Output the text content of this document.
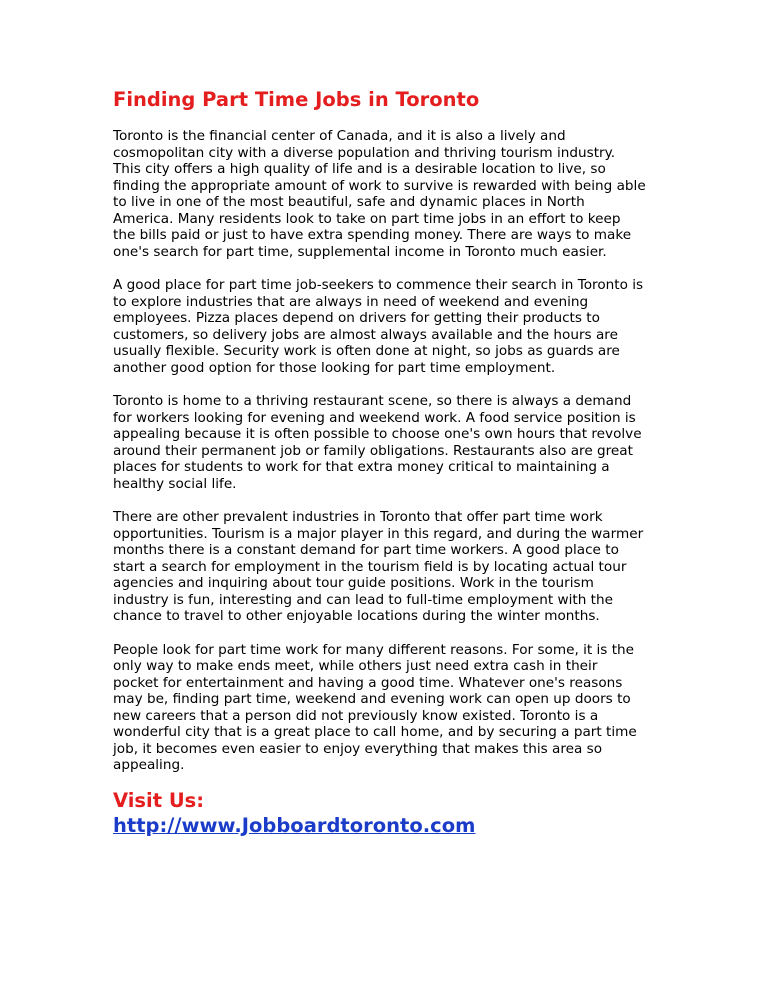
Finding Part Time Jobs in Toronto

Toronto is the financial center of Canada, and it is also a lively and
cosmopolitan city with a diverse population and thriving tourism industry.
This city offers a high quality of life and is a desirable location to live, so
finding the appropriate amount of work to survive is rewarded with being able
to live in one of the most beautiful, safe and dynamic places in North
America. Many residents look to take on part time jobs in an effort to keep
the bills paid or just to have extra spending money. There are ways to make
one's search for part time, supplemental income in Toronto much easier.

A good place for part time job-seekers to commence their search in Toronto is
to explore industries that are always in need of weekend and evening
employees. Pizza places depend on drivers for getting their products to
customers, so delivery jobs are almost always available and the hours are
usually flexible. Security work is often done at night, so jobs as guards are
another good option for those looking for part time employment.

Toronto is home to a thriving restaurant scene, so there is always a demand
for workers looking for evening and weekend work. A food service position is
appealing because it is often possible to choose one's own hours that revolve
around their permanent job or family obligations. Restaurants also are great
places for students to work for that extra money critical to maintaining a
healthy social life.

There are other prevalent industries in Toronto that offer part time work
opportunities. Tourism is a major player in this regard, and during the warmer
months there is a constant demand for part time workers. A good place to
start a search for employment in the tourism field is by locating actual tour
agencies and inquiring about tour guide positions. Work in the tourism
industry is fun, interesting and can lead to full-time employment with the
chance to travel to other enjoyable locations during the winter months.

People look for part time work for many different reasons. For some, it is the
only way to make ends meet, while others just need extra cash in their
pocket for entertainment and having a good time. Whatever one's reasons
may be, finding part time, weekend and evening work can open up doors to
new careers that a person did not previously know existed. Toronto is a
wonderful city that is a great place to call home, and by securing a part time
job, it becomes even easier to enjoy everything that makes this area so
appealing.

Visit Us:
http://www.Jobboardtoronto.com
